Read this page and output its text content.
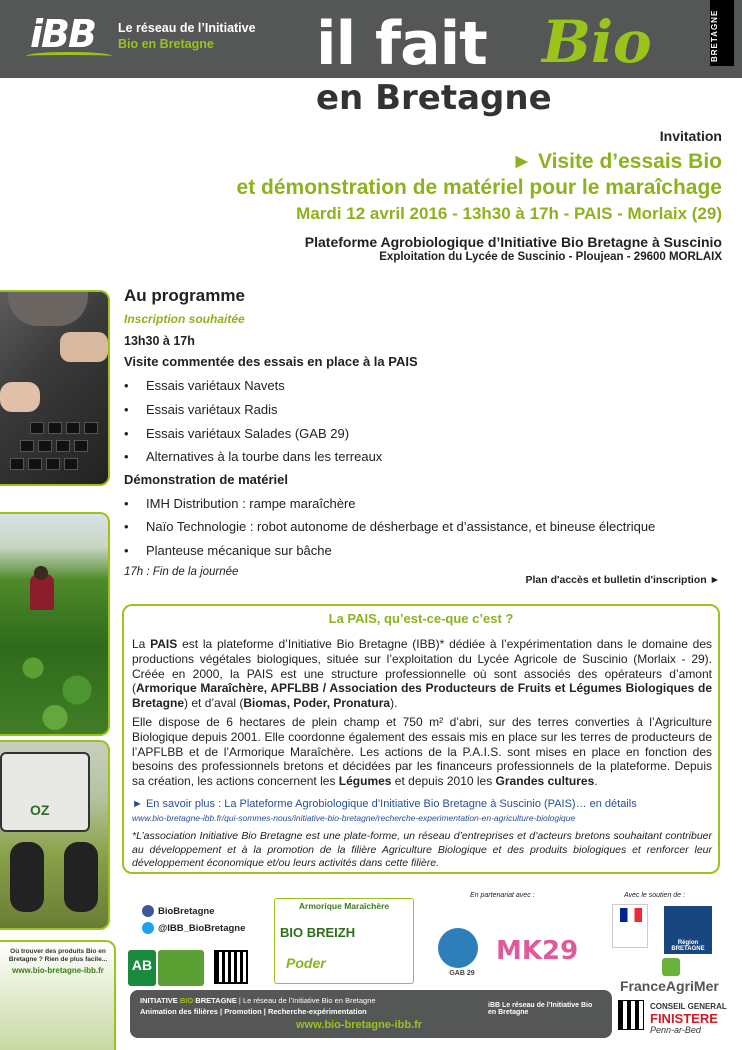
iBB	Le réseau de l’Initiative
Bio en Bretagne il fait Bio
en Bretagne
BRETAGNE
Invitation
► Visite d’essais Bio
et démonstration de matériel pour le maraîchage
Mardi 12 avril 2016 - 13h30 à 17h - PAIS - Morlaix (29)
Plateforme Agrobiologique d’Initiative Bio Bretagne à Suscinio
Exploitation du Lycée de Suscinio - Ploujean - 29600 MORLAIX
OZ
Au programme
Inscription souhaitée
13h30 à 17h
Visite commentée des essais en place à la PAIS
• Essais variétaux Navets
• Essais variétaux Radis
• Essais variétaux Salades (GAB 29)
• Alternatives à la tourbe dans les terreaux
Démonstration de matériel
• IMH Distribution : rampe maraîchère
• Naïo Technologie : robot autonome de désherbage et d’assistance, et bineuse électrique
• Planteuse mécanique sur bâche
17h : Fin de la journée
Plan d'accès et bulletin d'inscription ►
La PAIS, qu’est-ce-que c’est ?
La PAIS est la plateforme d’Initiative Bio Bretagne (IBB)* dédiée à l’expérimentation dans le domaine des productions végétales biologiques, située sur l’exploitation du Lycée Agricole de Suscinio (Morlaix - 29). Créée en 2000, la PAIS est une structure professionnelle où sont associés des opérateurs d’amont (Armorique Maraîchère, APFLBB / Association des Producteurs de Fruits et Légumes Biologiques de Bretagne) et d’aval (Biomas, Poder, Pronatura).
Elle dispose de 6 hectares de plein champ et 750 m² d’abri, sur des terres converties à l’Agriculture Biologique depuis 2001. Elle coordonne également des essais mis en place sur les terres de producteurs de l’APFLBB et de l’Armorique Maraîchère. Les actions de la P.A.I.S. sont mises en place en fonction des besoins des professionnels bretons et décidées par les financeurs professionnels de la plateforme. Depuis sa création, les actions concernent les Légumes et depuis 2010 les Grandes cultures.
► En savoir plus : La Plateforme Agrobiologique d’Initiative Bio Bretagne à Suscinio (PAIS)… en détails
www.bio-bretagne-ibb.fr/qui-sommes-nous/initiative-bio-bretagne/recherche-experimentation-en-agriculture-biologique
*L’association Initiative Bio Bretagne est une plate-forme, un réseau d’entreprises et d’acteurs bretons souhaitant contribuer au développement et à la promotion de la filière Agriculture Biologique et des produits biologiques et renforcer leur développement économique et/ou leurs activités dans cette filière.
BioBretagne
@IBB_BioBretagne
AB
Armorique Maraîchère
BIO BREIZH
Poder
En partenariat avec :
GAB 29
MK29
Avec le soutien de :
Région BRETAGNE
FranceAgriMer
CONSEIL GENERAL
FINISTERE
Penn-ar-Bed
Où trouver des produits Bio en Bretagne ? Rien de plus facile...
www.bio-bretagne-ibb.fr
INITIATIVE BIO BRETAGNE | Le réseau de l’Initiative Bio en Bretagne
Animation des filières | Promotion | Recherche-expérimentation
www.bio-bretagne-ibb.fr
iBB Le réseau de l’Initiative Bio en Bretagne
